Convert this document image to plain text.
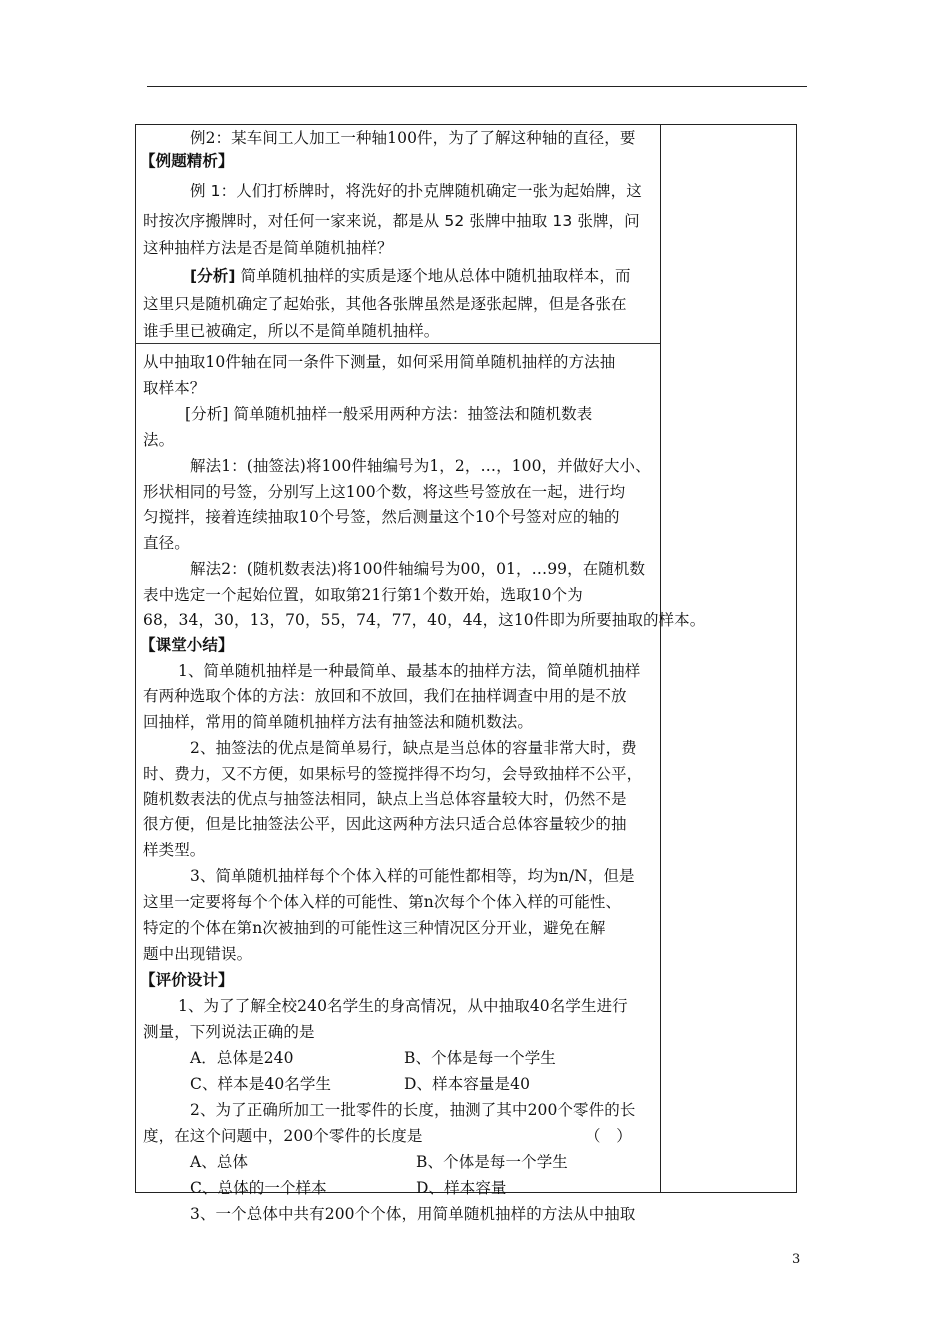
例2：某车间工人加工一种轴100件，为了了解这种轴的直径，要
【例题精析】
例 1：人们打桥牌时，将洗好的扑克牌随机确定一张为起始牌，这
时按次序搬牌时，对任何一家来说，都是从 52 张牌中抽取 13 张牌，问
这种抽样方法是否是简单随机抽样？
[分析] 简单随机抽样的实质是逐个地从总体中随机抽取样本，而
这里只是随机确定了起始张，其他各张牌虽然是逐张起牌，但是各张在
谁手里已被确定，所以不是简单随机抽样。
从中抽取10件轴在同一条件下测量，如何采用简单随机抽样的方法抽
取样本？
[分析] 简单随机抽样一般采用两种方法：抽签法和随机数表
法。
解法1：(抽签法)将100件轴编号为1，2，…，100，并做好大小、
形状相同的号签，分别写上这100个数，将这些号签放在一起，进行均
匀搅拌，接着连续抽取10个号签，然后测量这个10个号签对应的轴的
直径。
解法2：(随机数表法)将100件轴编号为00，01，…99，在随机数
表中选定一个起始位置，如取第21行第1个数开始，选取10个为
68，34，30，13，70，55，74，77，40，44，这10件即为所要抽取的样本。
【课堂小结】
1、简单随机抽样是一种最简单、最基本的抽样方法，简单随机抽样
有两种选取个体的方法：放回和不放回，我们在抽样调查中用的是不放
回抽样，常用的简单随机抽样方法有抽签法和随机数法。
2、抽签法的优点是简单易行，缺点是当总体的容量非常大时，费
时、费力，又不方便，如果标号的签搅拌得不均匀，会导致抽样不公平，
随机数表法的优点与抽签法相同，缺点上当总体容量较大时，仍然不是
很方便，但是比抽签法公平，因此这两种方法只适合总体容量较少的抽
样类型。
3、简单随机抽样每个个体入样的可能性都相等，均为n/N，但是
这里一定要将每个个体入样的可能性、第n次每个个体入样的可能性、
特定的个体在第n次被抽到的可能性这三种情况区分开业，避免在解
题中出现错误。
【评价设计】
1、为了了解全校240名学生的身高情况，从中抽取40名学生进行
测量，下列说法正确的是
A．总体是240	B、个体是每一个学生
C、样本是40名学生	D、样本容量是40
2、为了正确所加工一批零件的长度，抽测了其中200个零件的长
度，在这个问题中，200个零件的长度是	（　）
A、总体	B、个体是每一个学生
C、总体的一个样本	D、样本容量
3、一个总体中共有200个个体，用简单随机抽样的方法从中抽取
3
